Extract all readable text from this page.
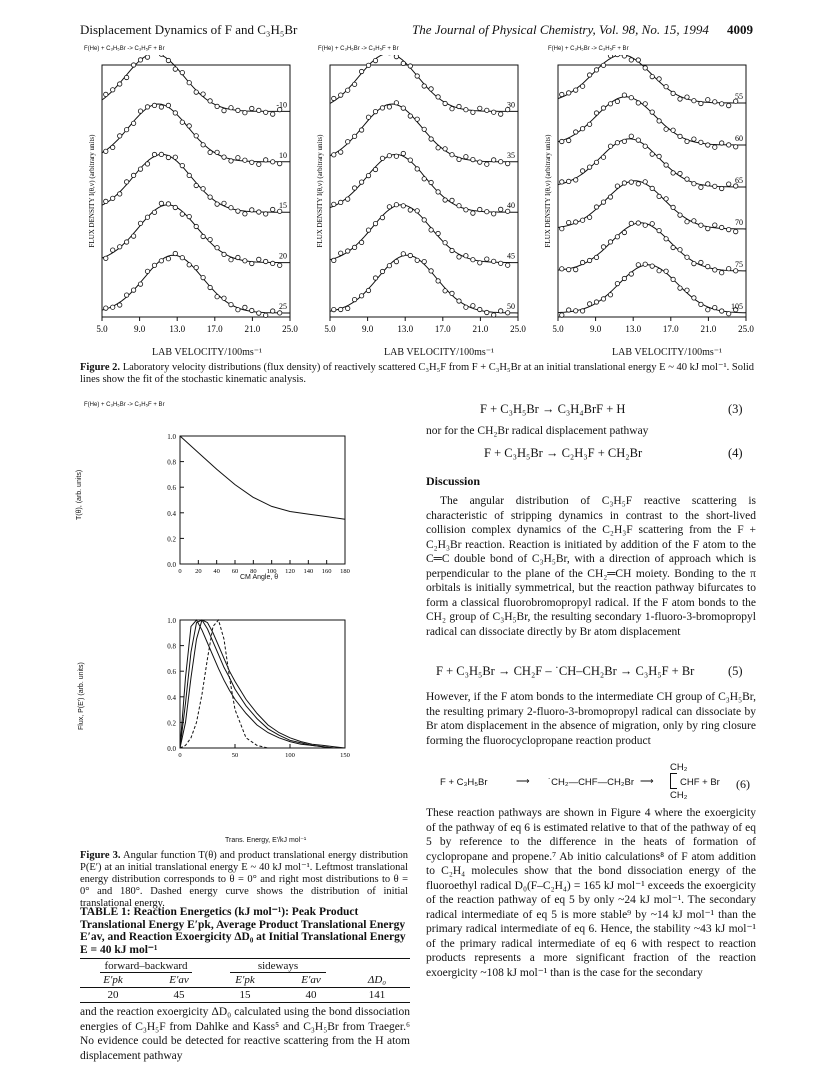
Displacement Dynamics of F and C₃H₅Br	The Journal of Physical Chemistry, Vol. 98, No. 15, 1994 4009
F(He) + C₃H₅Br -> C₃H₅F + Br	F(He) + C₃H₅Br -> C₃H₅F + Br	F(He) + C₃H₅Br -> C₃H₅F + Br
5.0	9.0	13.0 17.0 21.0 25.0
FLUX DENSITY I(θ,v) (arbitrary units)
-10
10
15
20
25
5.0	9.0	13.0 17.0 21.0 25.0
FLUX DENSITY I(θ,v) (arbitrary units)
30
35
40
45
50
5.0	9.0	13.0 17.0 21.0 25.0
FLUX DENSITY I(θ,v) (arbitrary units)
55
60
65
70
75
105
LAB VELOCITY/100ms⁻¹	LAB VELOCITY/100ms⁻¹	LAB VELOCITY/100ms⁻¹
Figure 2. Laboratory velocity distributions (flux density) of reactively scattered C₃H₅F from F + C₃H₅Br at an initial translational energy E ~ 40 kJ mol⁻¹. Solid lines show the fit of the stochastic kinematic analysis.
F(He) + C₃H₅Br -> C₃H₅F + Br
0.0
0.2
0.4
0.6
0.8
1.0
0 20 40 60 80 100 120 140 160 180
0.0
0.2
0.4
0.6
0.8
1.0
0	50	100	150
T(θ), (arb. units)
Flux, P(E′) (arb. units)
CM Angle, θ
Trans. Energy, E′/kJ mol⁻¹
Figure 3. Angular function T(θ) and product translational energy distribution P(E′) at an initial translational energy E ~ 40 kJ mol⁻¹. Leftmost translational energy distribution corresponds to θ = 0° and right most distributions to θ = 0° and 180°. Dashed energy curve shows the distribution of initial translational energy.
TABLE 1: Reaction Energetics (kJ mol⁻¹): Peak Product Translational Energy E′pk, Average Product Translational Energy E′av, and Reaction Exoergicity ΔD₀ at Initial Translational Energy E = 40 kJ mol⁻¹
forward–backward		sideways		
E′pk	E′av	E′pk	E′av	ΔD₀
20	45	15	40	141
and the reaction exoergicity ΔD₀ calculated using the bond dissociation energies of C₃H₅F from Dahlke and Kass⁵ and C₃H₅Br from Traeger.⁶ No evidence could be detected for reactive scattering from the H atom displacement pathway
F + C₃H₅Br → C₃H₄BrF + H	(3)
nor for the CH₂Br radical displacement pathway
F + C₃H₅Br → C₂H₃F + CH₂Br	(4)
Discussion
The angular distribution of C₃H₅F reactive scattering is characteristic of stripping dynamics in contrast to the short-lived collision complex dynamics of the C₂H₃F scattering from the F + C₂H₃Br reaction. Reaction is initiated by addition of the F atom to the C═C double bond of C₃H₅Br, with a direction of approach which is perpendicular to the plane of the CH₂═CH moiety. Bonding to the π orbitals is initially symmetrical, but the reaction pathway bifurcates to form a classical fluorobromopropyl radical. If the F atom bonds to the CH₂ group of C₃H₅Br, the resulting secondary 1-fluoro-3-bromopropyl radical can dissociate directly by Br atom displacement
F + C₃H₅Br → CH₂F – ˙CH–CH₂Br → C₃H₅F + Br	(5)
However, if the F atom bonds to the intermediate CH group of C₃H₅Br, the resulting primary 2-fluoro-3-bromopropyl radical can dissociate by Br atom displacement in the absence of migration, only by ring closure forming the fluorocyclopropane reaction product
F + C₃H₅Br	⟶ ˙CH₂—CHF—CH₂Br ⟶
CH₂
CHF + Br
CH₂
(6)
These reaction pathways are shown in Figure 4 where the exoergicity of the pathway of eq 6 is estimated relative to that of the pathway of eq 5 by reference to the difference in the heats of formation of cyclopropane and propene.⁷ Ab initio calculations⁸ of F atom addition to C₂H₄ molecules show that the bond dissociation energy of the fluoroethyl radical D₀(F–C₂H₄) = 165 kJ mol⁻¹ exceeds the exoergicity of the reaction pathway of eq 5 by only ~24 kJ mol⁻¹. The secondary radical intermediate of eq 5 is more stable⁹ by ~14 kJ mol⁻¹ than the primary radical intermediate of eq 6. Hence, the stability ~43 kJ mol⁻¹ of the primary radical intermediate of eq 6 with respect to reaction products represents a more significant fraction of the reaction exoergicity ~108 kJ mol⁻¹ than is the case for the secondary
